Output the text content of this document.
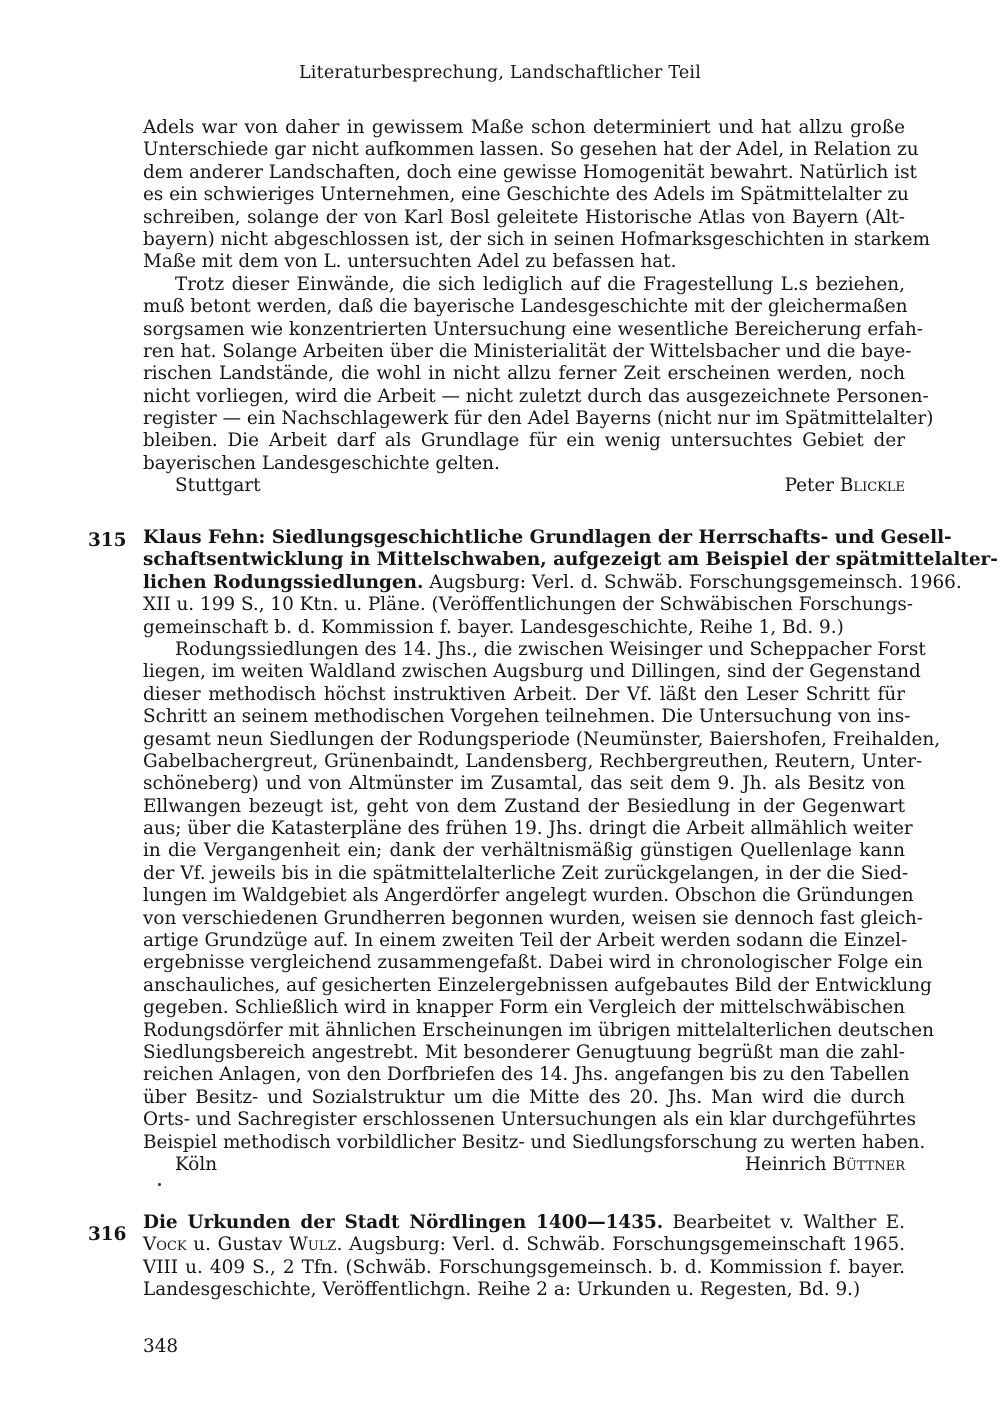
Literaturbesprechung, Landschaftlicher Teil
Adels war von daher in gewissem Maße schon determiniert und hat allzu große
Unterschiede gar nicht aufkommen lassen. So gesehen hat der Adel, in Relation zu
dem anderer Landschaften, doch eine gewisse Homogenität bewahrt. Natürlich ist
es ein schwieriges Unternehmen, eine Geschichte des Adels im Spätmittelalter zu
schreiben, solange der von Karl Bosl geleitete Historische Atlas von Bayern (Alt-
bayern) nicht abgeschlossen ist, der sich in seinen Hofmarksgeschichten in starkem
Maße mit dem von L. untersuchten Adel zu befassen hat.
Trotz dieser Einwände, die sich lediglich auf die Fragestellung L.s beziehen,
muß betont werden, daß die bayerische Landesgeschichte mit der gleichermaßen
sorgsamen wie konzentrierten Untersuchung eine wesentliche Bereicherung erfah-
ren hat. Solange Arbeiten über die Ministerialität der Wittelsbacher und die baye-
rischen Landstände, die wohl in nicht allzu ferner Zeit erscheinen werden, noch
nicht vorliegen, wird die Arbeit — nicht zuletzt durch das ausgezeichnete Personen-
register — ein Nachschlagewerk für den Adel Bayerns (nicht nur im Spätmittelalter)
bleiben. Die Arbeit darf als Grundlage für ein wenig untersuchtes Gebiet der
bayerischen Landesgeschichte gelten.
Stuttgart	Peter Blickle
315 Klaus Fehn: Siedlungsgeschichtliche Grundlagen der Herrschafts- und Gesell-
schaftsentwicklung in Mittelschwaben, aufgezeigt am Beispiel der spätmittelalter-
lichen Rodungssiedlungen. Augsburg: Verl. d. Schwäb. Forschungsgemeinsch. 1966.
XII u. 199 S., 10 Ktn. u. Pläne. (Veröffentlichungen der Schwäbischen Forschungs-
gemeinschaft b. d. Kommission f. bayer. Landesgeschichte, Reihe 1, Bd. 9.)
Rodungssiedlungen des 14. Jhs., die zwischen Weisinger und Scheppacher Forst
liegen, im weiten Waldland zwischen Augsburg und Dillingen, sind der Gegenstand
dieser methodisch höchst instruktiven Arbeit. Der Vf. läßt den Leser Schritt für
Schritt an seinem methodischen Vorgehen teilnehmen. Die Untersuchung von ins-
gesamt neun Siedlungen der Rodungsperiode (Neumünster, Baiershofen, Freihalden,
Gabelbachergreut, Grünenbaindt, Landensberg, Rechbergreuthen, Reutern, Unter-
schöneberg) und von Altmünster im Zusamtal, das seit dem 9. Jh. als Besitz von
Ellwangen bezeugt ist, geht von dem Zustand der Besiedlung in der Gegenwart
aus; über die Katasterpläne des frühen 19. Jhs. dringt die Arbeit allmählich weiter
in die Vergangenheit ein; dank der verhältnismäßig günstigen Quellenlage kann
der Vf. jeweils bis in die spätmittelalterliche Zeit zurückgelangen, in der die Sied-
lungen im Waldgebiet als Angerdörfer angelegt wurden. Obschon die Gründungen
von verschiedenen Grundherren begonnen wurden, weisen sie dennoch fast gleich-
artige Grundzüge auf. In einem zweiten Teil der Arbeit werden sodann die Einzel-
ergebnisse vergleichend zusammengefaßt. Dabei wird in chronologischer Folge ein
anschauliches, auf gesicherten Einzelergebnissen aufgebautes Bild der Entwicklung
gegeben. Schließlich wird in knapper Form ein Vergleich der mittelschwäbischen
Rodungsdörfer mit ähnlichen Erscheinungen im übrigen mittelalterlichen deutschen
Siedlungsbereich angestrebt. Mit besonderer Genugtuung begrüßt man die zahl-
reichen Anlagen, von den Dorfbriefen des 14. Jhs. angefangen bis zu den Tabellen
über Besitz- und Sozialstruktur um die Mitte des 20. Jhs. Man wird die durch
Orts- und Sachregister erschlossenen Untersuchungen als ein klar durchgeführtes
Beispiel methodisch vorbildlicher Besitz- und Siedlungsforschung zu werten haben.
Köln	Heinrich Büttner
316
Die Urkunden der Stadt Nördlingen 1400—1435. Bearbeitet v. Walther E.
Vock u. Gustav Wulz. Augsburg: Verl. d. Schwäb. Forschungsgemeinschaft 1965.
VIII u. 409 S., 2 Tfn. (Schwäb. Forschungsgemeinsch. b. d. Kommission f. bayer.
Landesgeschichte, Veröffentlichgn. Reihe 2 a: Urkunden u. Regesten, Bd. 9.)
348
